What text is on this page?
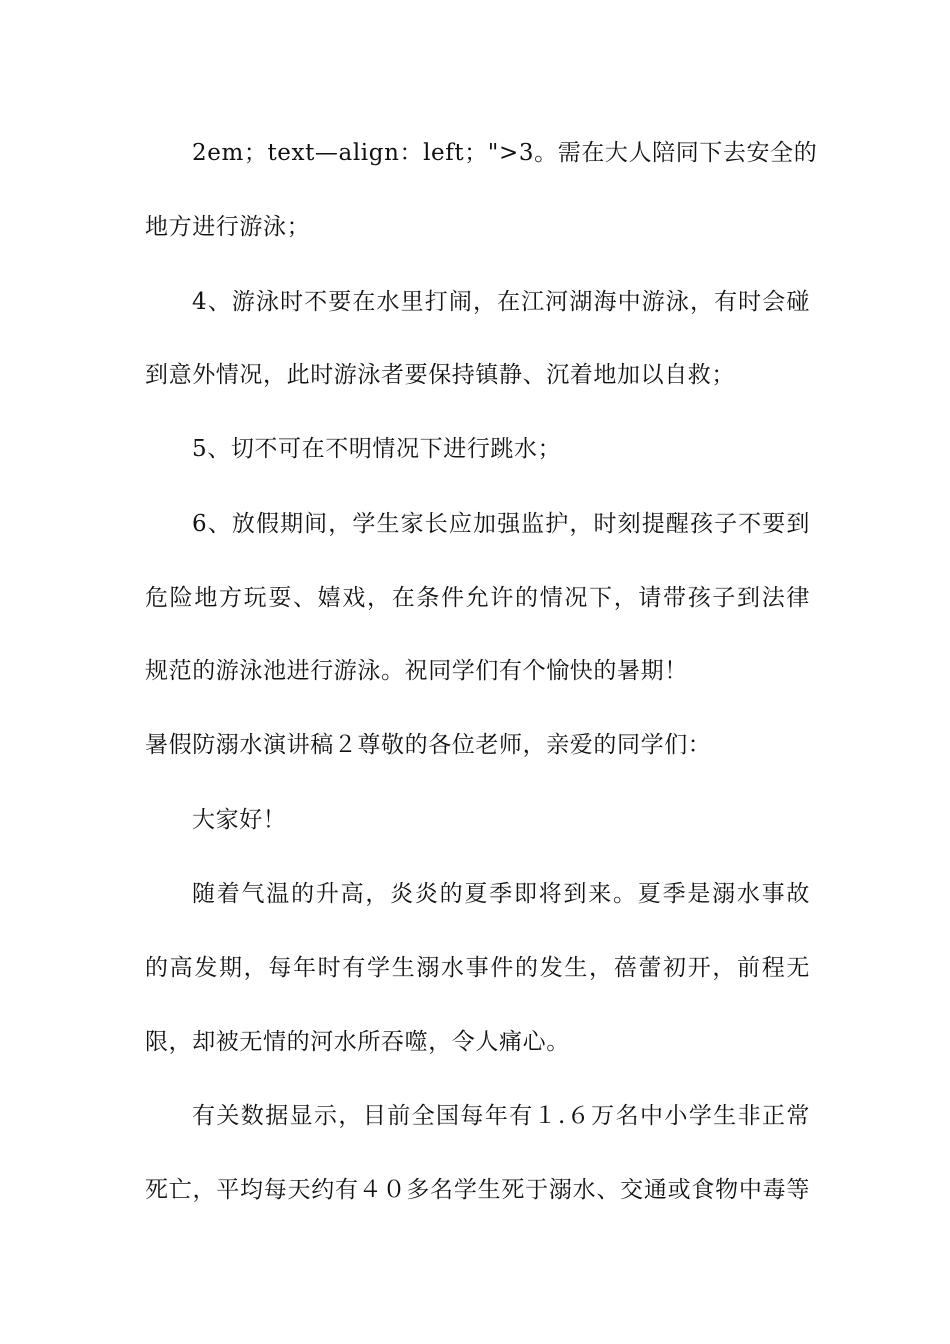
2em；text—align：left；">3。需在大人陪同下去安全的

地方进行游泳；

4、游泳时不要在水里打闹，在江河湖海中游泳，有时会碰

到意外情况，此时游泳者要保持镇静、沉着地加以自救；

5、切不可在不明情况下进行跳水；

6、放假期间，学生家长应加强监护，时刻提醒孩子不要到

危险地方玩耍、嬉戏，在条件允许的情况下，请带孩子到法律

规范的游泳池进行游泳。祝同学们有个愉快的暑期！

暑假防溺水演讲稿２尊敬的各位老师，亲爱的同学们：

大家好！

随着气温的升高，炎炎的夏季即将到来。夏季是溺水事故

的高发期，每年时有学生溺水事件的发生，蓓蕾初开，前程无

限，却被无情的河水所吞噬，令人痛心。

有关数据显示，目前全国每年有１.６万名中小学生非正常

死亡，平均每天约有４０多名学生死于溺水、交通或食物中毒等
